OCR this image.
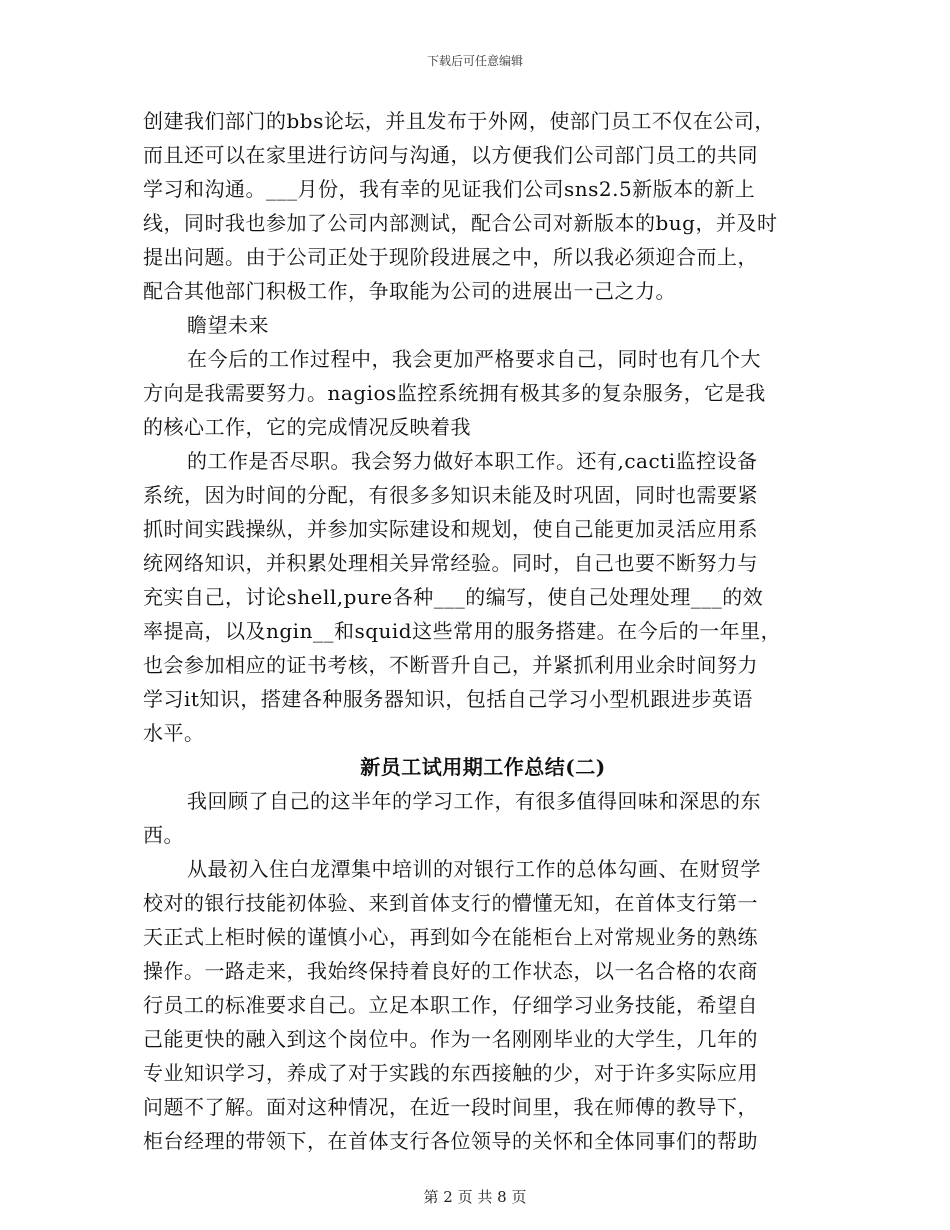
下载后可任意编辑
创建我们部门的bbs论坛，并且发布于外网，使部门员工不仅在公司，
而且还可以在家里进行访问与沟通，以方便我们公司部门员工的共同
学习和沟通。___月份，我有幸的见证我们公司sns2.5新版本的新上
线，同时我也参加了公司内部测试，配合公司对新版本的bug，并及时
提出问题。由于公司正处于现阶段进展之中，所以我必须迎合而上，
配合其他部门积极工作，争取能为公司的进展出一己之力。
瞻望未来
在今后的工作过程中，我会更加严格要求自己，同时也有几个大
方向是我需要努力。nagios监控系统拥有极其多的复杂服务，它是我
的核心工作，它的完成情况反映着我
的工作是否尽职。我会努力做好本职工作。还有,cacti监控设备
系统，因为时间的分配，有很多多知识未能及时巩固，同时也需要紧
抓时间实践操纵，并参加实际建设和规划，使自己能更加灵活应用系
统网络知识，并积累处理相关异常经验。同时，自己也要不断努力与
充实自己，讨论shell,pure各种___的编写，使自己处理处理___的效
率提高，以及ngin__和squid这些常用的服务搭建。在今后的一年里，
也会参加相应的证书考核，不断晋升自己，并紧抓利用业余时间努力
学习it知识，搭建各种服务器知识，包括自己学习小型机跟进步英语
水平。
新员工试用期工作总结(二)
我回顾了自己的这半年的学习工作，有很多值得回味和深思的东
西。
从最初入住白龙潭集中培训的对银行工作的总体勾画、在财贸学
校对的银行技能初体验、来到首体支行的懵懂无知，在首体支行第一
天正式上柜时候的谨慎小心，再到如今在能柜台上对常规业务的熟练
操作。一路走来，我始终保持着良好的工作状态，以一名合格的农商
行员工的标准要求自己。立足本职工作，仔细学习业务技能，希望自
己能更快的融入到这个岗位中。作为一名刚刚毕业的大学生，几年的
专业知识学习，养成了对于实践的东西接触的少，对于许多实际应用
问题不了解。面对这种情况，在近一段时间里，我在师傅的教导下，
柜台经理的带领下，在首体支行各位领导的关怀和全体同事们的帮助
第 2 页 共 8 页
